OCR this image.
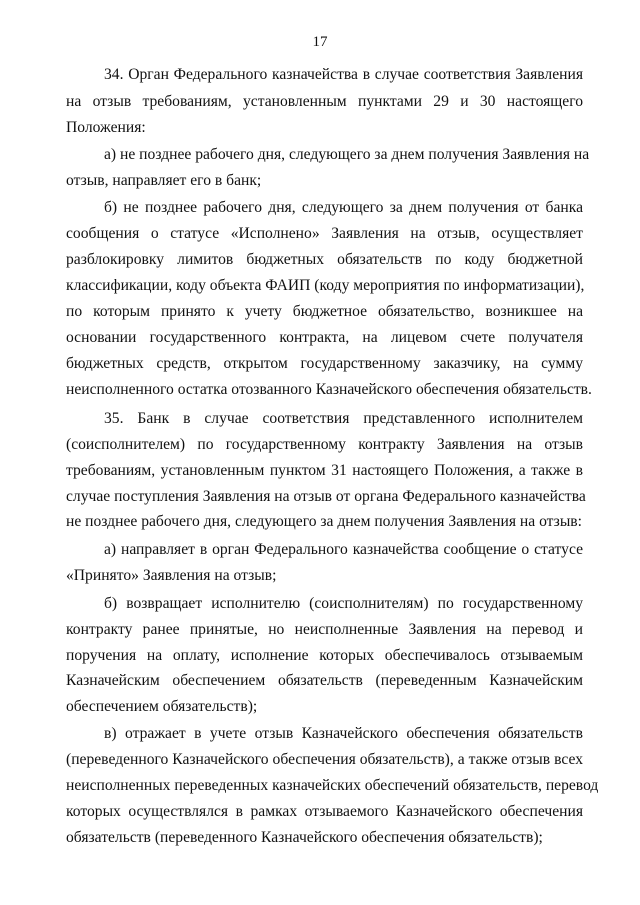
17
34. Орган Федерального казначейства в случае соответствия Заявления
на отзыв требованиям, установленным пунктами 29 и 30 настоящего
Положения:
а) не позднее рабочего дня, следующего за днем получения Заявления на
отзыв, направляет его в банк;
б) не позднее рабочего дня, следующего за днем получения от банка
сообщения о статусе «Исполнено» Заявления на отзыв, осуществляет
разблокировку лимитов бюджетных обязательств по коду бюджетной
классификации, коду объекта ФАИП (коду мероприятия по информатизации),
по которым принято к учету бюджетное обязательство, возникшее на
основании государственного контракта, на лицевом счете получателя
бюджетных средств, открытом государственному заказчику, на сумму
неисполненного остатка отозванного Казначейского обеспечения обязательств.
35. Банк в случае соответствия представленного исполнителем
(соисполнителем) по государственному контракту Заявления на отзыв
требованиям, установленным пунктом 31 настоящего Положения, а также в
случае поступления Заявления на отзыв от органа Федерального казначейства
не позднее рабочего дня, следующего за днем получения Заявления на отзыв:
а) направляет в орган Федерального казначейства сообщение о статусе
«Принято» Заявления на отзыв;
б) возвращает исполнителю (соисполнителям) по государственному
контракту ранее принятые, но неисполненные Заявления на перевод и
поручения на оплату, исполнение которых обеспечивалось отзываемым
Казначейским обеспечением обязательств (переведенным Казначейским
обеспечением обязательств);
в) отражает в учете отзыв Казначейского обеспечения обязательств
(переведенного Казначейского обеспечения обязательств), а также отзыв всех
неисполненных переведенных казначейских обеспечений обязательств, перевод
которых осуществлялся в рамках отзываемого Казначейского обеспечения
обязательств (переведенного Казначейского обеспечения обязательств);
